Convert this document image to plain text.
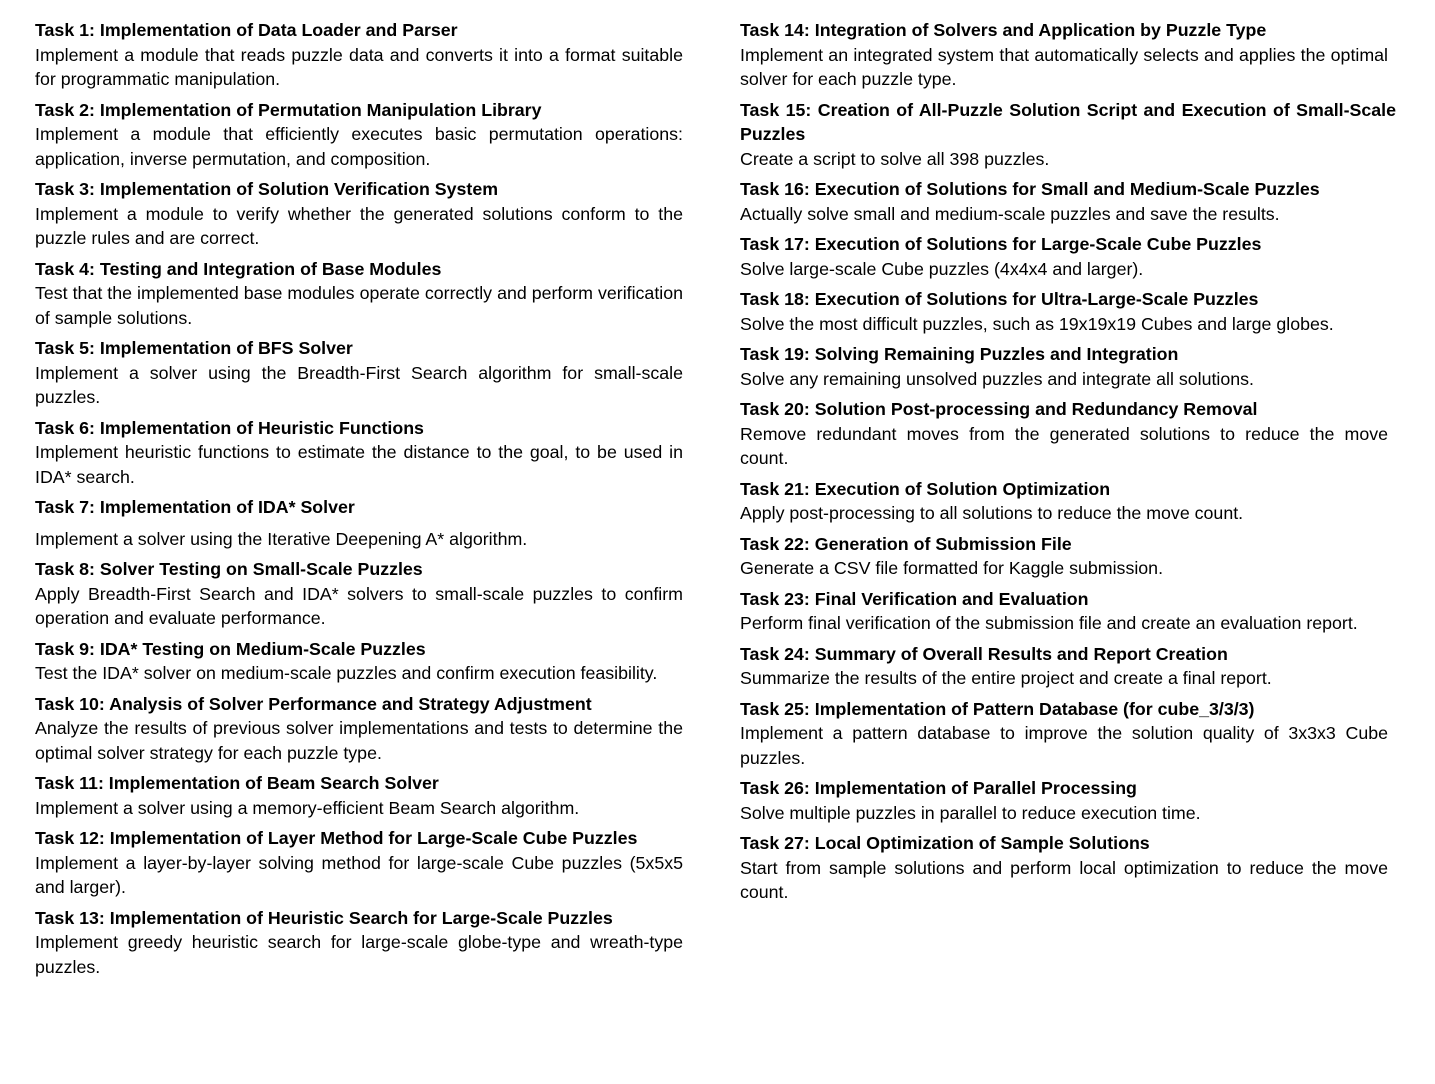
Task 1: Implementation of Data Loader and Parser

Implement a module that reads puzzle data and converts it into a format suitable for programmatic manipulation.

Task 2: Implementation of Permutation Manipulation Library

Implement a module that efficiently executes basic permutation operations: application, inverse permutation, and composition.

Task 3: Implementation of Solution Verification System

Implement a module to verify whether the generated solutions conform to the puzzle rules and are correct.

Task 4: Testing and Integration of Base Modules

Test that the implemented base modules operate correctly and perform verification of sample solutions.

Task 5: Implementation of BFS Solver

Implement a solver using the Breadth-First Search algorithm for small-scale puzzles.

Task 6: Implementation of Heuristic Functions

Implement heuristic functions to estimate the distance to the goal, to be used in IDA* search.

Task 7: Implementation of IDA* Solver

Implement a solver using the Iterative Deepening A* algorithm.

Task 8: Solver Testing on Small-Scale Puzzles

Apply Breadth-First Search and IDA* solvers to small-scale puzzles to confirm operation and evaluate performance.

Task 9: IDA* Testing on Medium-Scale Puzzles

Test the IDA* solver on medium-scale puzzles and confirm execution feasibility.

Task 10: Analysis of Solver Performance and Strategy Adjustment

Analyze the results of previous solver implementations and tests to determine the optimal solver strategy for each puzzle type.

Task 11: Implementation of Beam Search Solver

Implement a solver using a memory-efficient Beam Search algorithm.

Task 12: Implementation of Layer Method for Large-Scale Cube Puzzles

Implement a layer-by-layer solving method for large-scale Cube puzzles (5x5x5 and larger).

Task 13: Implementation of Heuristic Search for Large-Scale Puzzles

Implement greedy heuristic search for large-scale globe-type and wreath-type puzzles.

Task 14: Integration of Solvers and Application by Puzzle Type

Implement an integrated system that automatically selects and applies the optimal solver for each puzzle type.

Task 15: Creation of All-Puzzle Solution Script and Execution of Small-Scale Puzzles

Create a script to solve all 398 puzzles.

Task 16: Execution of Solutions for Small and Medium-Scale Puzzles

Actually solve small and medium-scale puzzles and save the results.

Task 17: Execution of Solutions for Large-Scale Cube Puzzles

Solve large-scale Cube puzzles (4x4x4 and larger).

Task 18: Execution of Solutions for Ultra-Large-Scale Puzzles

Solve the most difficult puzzles, such as 19x19x19 Cubes and large globes.

Task 19: Solving Remaining Puzzles and Integration

Solve any remaining unsolved puzzles and integrate all solutions.

Task 20: Solution Post-processing and Redundancy Removal

Remove redundant moves from the generated solutions to reduce the move count.

Task 21: Execution of Solution Optimization

Apply post-processing to all solutions to reduce the move count.

Task 22: Generation of Submission File

Generate a CSV file formatted for Kaggle submission.

Task 23: Final Verification and Evaluation

Perform final verification of the submission file and create an evaluation report.

Task 24: Summary of Overall Results and Report Creation

Summarize the results of the entire project and create a final report.

Task 25: Implementation of Pattern Database (for cube_3/3/3)

Implement a pattern database to improve the solution quality of 3x3x3 Cube puzzles.

Task 26: Implementation of Parallel Processing

Solve multiple puzzles in parallel to reduce execution time.

Task 27: Local Optimization of Sample Solutions

Start from sample solutions and perform local optimization to reduce the move count.
